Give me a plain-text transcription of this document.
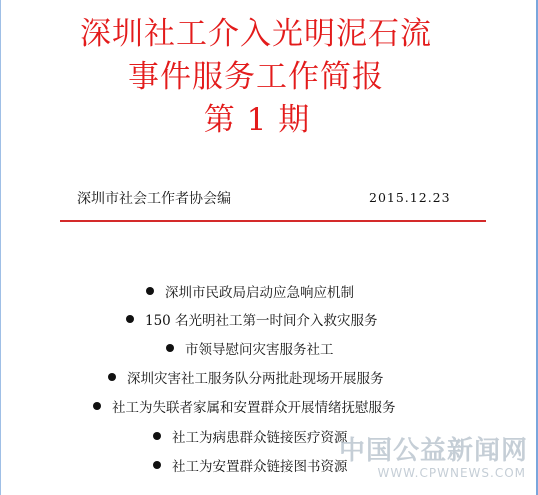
深圳社工介入光明泥石流
事件服务工作简报
第 1 期
深圳市社会工作者协会编	2015.12.23
深圳市民政局启动应急响应机制
150 名光明社工第一时间介入救灾服务
市领导慰问灾害服务社工
深圳灾害社工服务队分两批赴现场开展服务
社工为失联者家属和安置群众开展情绪抚慰服务
社工为病患群众链接医疗资源
社工为安置群众链接图书资源
中国公益新闻网
WWW.CPWNEWS.COM
